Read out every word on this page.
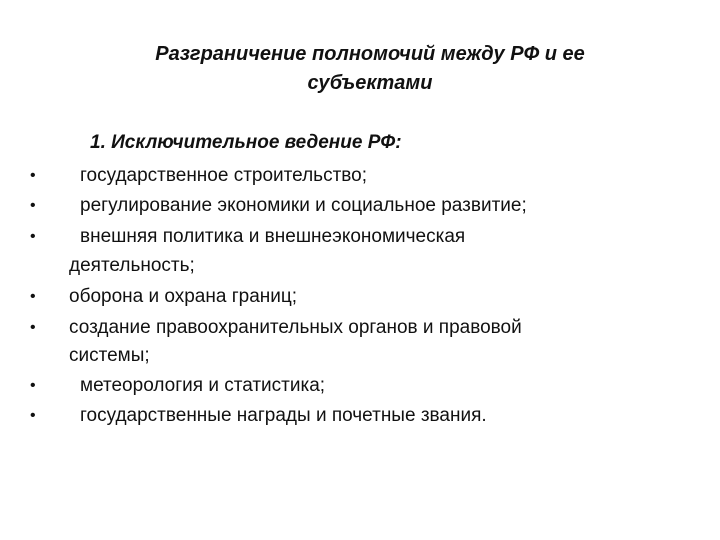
Разграничение полномочий между РФ и ее
субъектами
1. Исключительное ведение РФ:
• государственное строительство;
• регулирование экономики и социальное развитие;
• внешняя политика и внешнеэкономическая
деятельность;
• оборона и охрана границ;
• создание правоохранительных органов и правовой
системы;
• метеорология и статистика;
• государственные награды и почетные звания.
